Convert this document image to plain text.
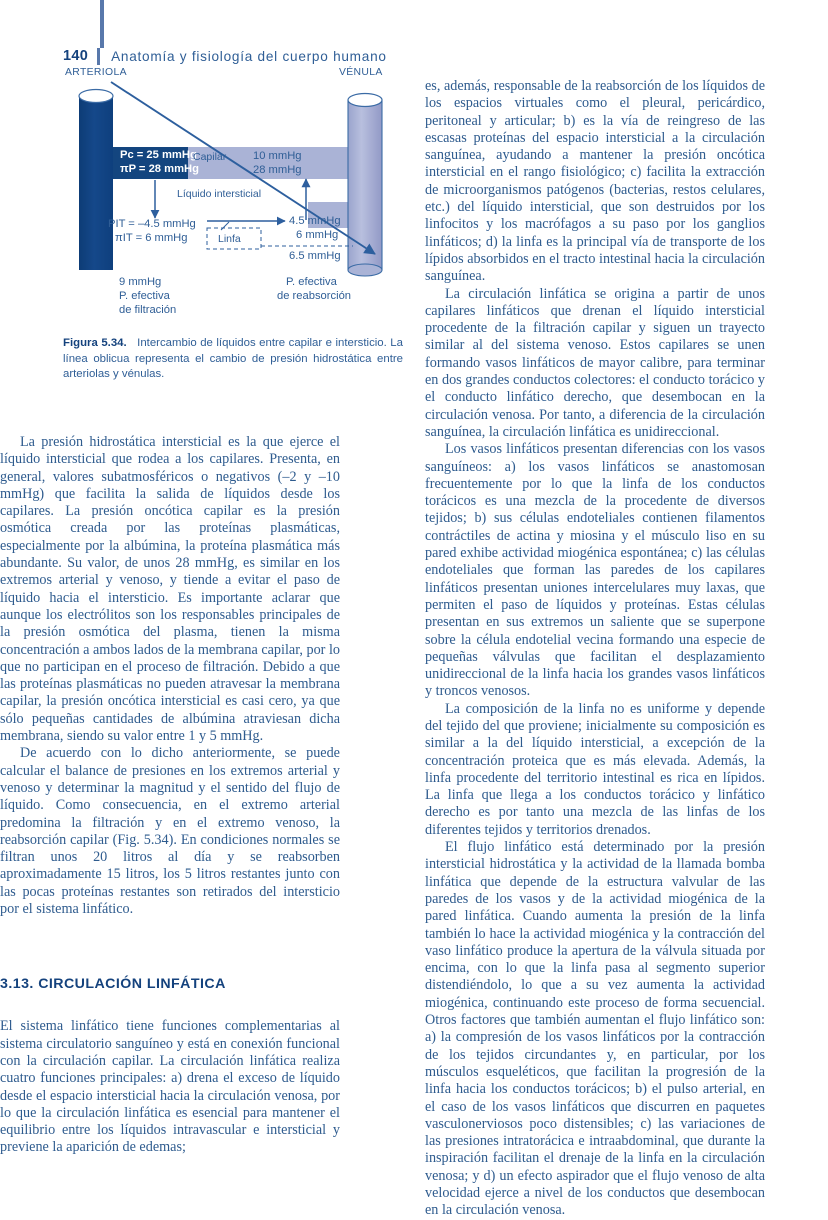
140 Anatomía y fisiología del cuerpo humano
ARTERIOLA	VÉNULA
Pc = 25 mmHg
πP = 28 mmHg
Capilar 10 mmHg
28 mmHg
Líquido intersticial
PIT = –4.5 mmHg
πIT = 6 mmHg	Linfa
4.5 mmHg
6 mmHg
6.5 mmHg
9 mmHg
P. efectiva
de filtración
P. efectiva
de reabsorción
Figura 5.34. Intercambio de líquidos entre capilar e intersticio. La línea oblicua representa el cambio de presión hidrostática entre arteriolas y vénulas.

La presión hidrostática intersticial es la que ejerce el líquido intersticial que rodea a los capilares. Presenta, en general, valores subatmosféricos o negativos (–2 y –10 mmHg) que facilita la salida de líquidos desde los capilares. La presión oncótica capilar es la presión osmótica creada por las proteínas plasmáticas, especialmente por la albúmina, la proteína plasmática más abundante. Su valor, de unos 28 mmHg, es similar en los extremos arterial y venoso, y tiende a evitar el paso de líquido hacia el intersticio. Es importante aclarar que aunque los electrólitos son los responsables principales de la presión osmótica del plasma, tienen la misma concentración a ambos lados de la membrana capilar, por lo que no participan en el proceso de filtración. Debido a que las proteínas plasmáticas no pueden atravesar la membrana capilar, la presión oncótica intersticial es casi cero, ya que sólo pequeñas cantidades de albúmina atraviesan dicha membrana, siendo su valor entre 1 y 5 mmHg.

De acuerdo con lo dicho anteriormente, se puede calcular el balance de presiones en los extremos arterial y venoso y determinar la magnitud y el sentido del flujo de líquido. Como consecuencia, en el extremo arterial predomina la filtración y en el extremo venoso, la reabsorción capilar (Fig. 5.34). En condiciones normales se filtran unos 20 litros al día y se reabsorben aproximadamente 15 litros, los 5 litros restantes junto con las pocas proteínas restantes son retirados del intersticio por el sistema linfático.

3.13. CIRCULACIÓN LINFÁTICA

El sistema linfático tiene funciones complementarias al sistema circulatorio sanguíneo y está en conexión funcional con la circulación capilar. La circulación linfática realiza cuatro funciones principales: a) drena el exceso de líquido desde el espacio intersticial hacia la circulación venosa, por lo que la circulación linfática es esencial para mantener el equilibrio entre los líquidos intravascular e intersticial y previene la aparición de edemas;

es, además, responsable de la reabsorción de los líquidos de los espacios virtuales como el pleural, pericárdico, peritoneal y articular; b) es la vía de reingreso de las escasas proteínas del espacio intersticial a la circulación sanguínea, ayudando a mantener la presión oncótica intersticial en el rango fisiológico; c) facilita la extracción de microorganismos patógenos (bacterias, restos celulares, etc.) del líquido intersticial, que son destruidos por los linfocitos y los macrófagos a su paso por los ganglios linfáticos; d) la linfa es la principal vía de transporte de los lípidos absorbidos en el tracto intestinal hacia la circulación sanguínea.

La circulación linfática se origina a partir de unos capilares linfáticos que drenan el líquido intersticial procedente de la filtración capilar y siguen un trayecto similar al del sistema venoso. Estos capilares se unen formando vasos linfáticos de mayor calibre, para terminar en dos grandes conductos colectores: el conducto torácico y el conducto linfático derecho, que desembocan en la circulación venosa. Por tanto, a diferencia de la circulación sanguínea, la circulación linfática es unidireccional.

Los vasos linfáticos presentan diferencias con los vasos sanguíneos: a) los vasos linfáticos se anastomosan frecuentemente por lo que la linfa de los conductos torácicos es una mezcla de la procedente de diversos tejidos; b) sus células endoteliales contienen filamentos contráctiles de actina y miosina y el músculo liso en su pared exhibe actividad miogénica espontánea; c) las células endoteliales que forman las paredes de los capilares linfáticos presentan uniones intercelulares muy laxas, que permiten el paso de líquidos y proteínas. Estas células presentan en sus extremos un saliente que se superpone sobre la célula endotelial vecina formando una especie de pequeñas válvulas que facilitan el desplazamiento unidireccional de la linfa hacia los grandes vasos linfáticos y troncos venosos.

La composición de la linfa no es uniforme y depende del tejido del que proviene; inicialmente su composición es similar a la del líquido intersticial, a excepción de la concentración proteica que es más elevada. Además, la linfa procedente del territorio intestinal es rica en lípidos. La linfa que llega a los conductos torácico y linfático derecho es por tanto una mezcla de las linfas de los diferentes tejidos y territorios drenados.

El flujo linfático está determinado por la presión intersticial hidrostática y la actividad de la llamada bomba linfática que depende de la estructura valvular de las paredes de los vasos y de la actividad miogénica de la pared linfática. Cuando aumenta la presión de la linfa también lo hace la actividad miogénica y la contracción del vaso linfático produce la apertura de la válvula situada por encima, con lo que la linfa pasa al segmento superior distendiéndolo, lo que a su vez aumenta la actividad miogénica, continuando este proceso de forma secuencial. Otros factores que también aumentan el flujo linfático son: a) la compresión de los vasos linfáticos por la contracción de los tejidos circundantes y, en particular, por los músculos esqueléticos, que facilitan la progresión de la linfa hacia los conductos torácicos; b) el pulso arterial, en el caso de los vasos linfáticos que discurren en paquetes vasculonerviosos poco distensibles; c) las variaciones de las presiones intratorácica e intraabdominal, que durante la inspiración facilitan el drenaje de la linfa en la circulación venosa; y d) un efecto aspirador que el flujo venoso de alta velocidad ejerce a nivel de los conductos que desembocan en la circulación venosa.
